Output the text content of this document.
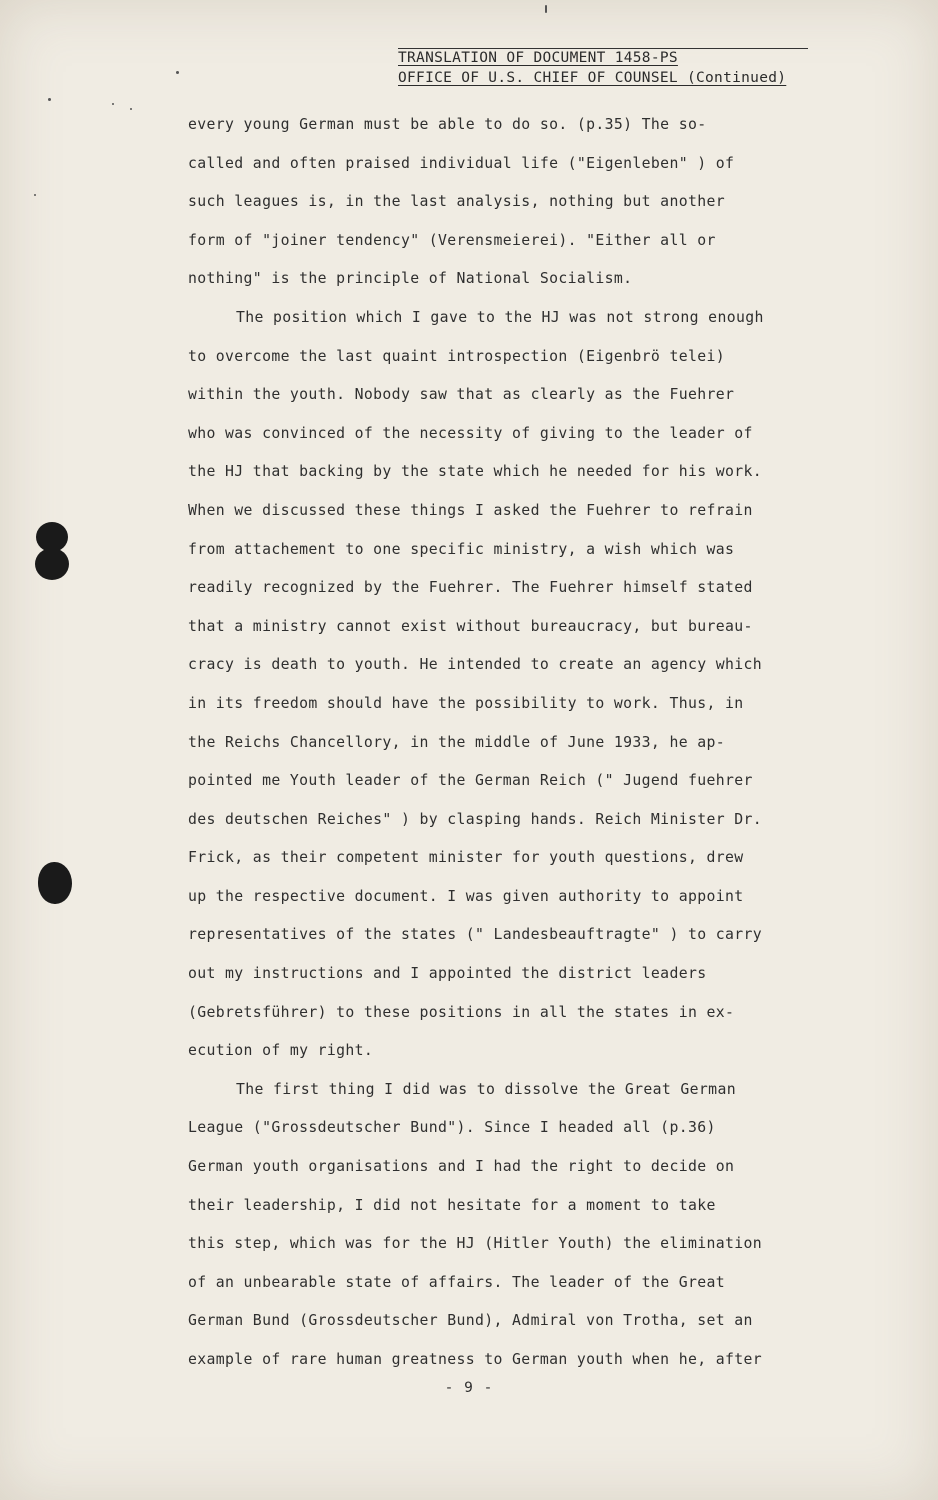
TRANSLATION OF DOCUMENT 1458-PS
OFFICE OF U.S. CHIEF OF COUNSEL (Continued)
every young German must be able to do so. (p.35) The so-
called and often praised individual life ("Eigenleben" ) of
such leagues is, in the last analysis, nothing but another
form of "joiner tendency" (Verensmeierei). "Either all or
nothing" is the principle of National Socialism.
The position which I gave to the HJ was not strong enough
to overcome the last quaint introspection (Eigenbrö telei)
within the youth. Nobody saw that as clearly as the Fuehrer
who was convinced of the necessity of giving to the leader of
the HJ that backing by the state which he needed for his work.
When we discussed these things I asked the Fuehrer to refrain
from attachement to one specific ministry, a wish which was
readily recognized by the Fuehrer. The Fuehrer himself stated
that a ministry cannot exist without bureaucracy, but bureau-
cracy is death to youth. He intended to create an agency which
in its freedom should have the possibility to work. Thus, in
the Reichs Chancellory, in the middle of June 1933, he ap-
pointed me Youth leader of the German Reich (" Jugend fuehrer
des deutschen Reiches" ) by clasping hands. Reich Minister Dr.
Frick, as their competent minister for youth questions, drew
up the respective document. I was given authority to appoint
representatives of the states (" Landesbeauftragte" ) to carry
out my instructions and I appointed the district leaders
(Gebretsführer) to these positions in all the states in ex-
ecution of my right.
The first thing I did was to dissolve the Great German
League ("Grossdeutscher Bund"). Since I headed all (p.36)
German youth organisations and I had the right to decide on
their leadership, I did not hesitate for a moment to take
this step, which was for the HJ (Hitler Youth) the elimination
of an unbearable state of affairs. The leader of the Great
German Bund (Grossdeutscher Bund), Admiral von Trotha, set an
example of rare human greatness to German youth when he, after
- 9 -
